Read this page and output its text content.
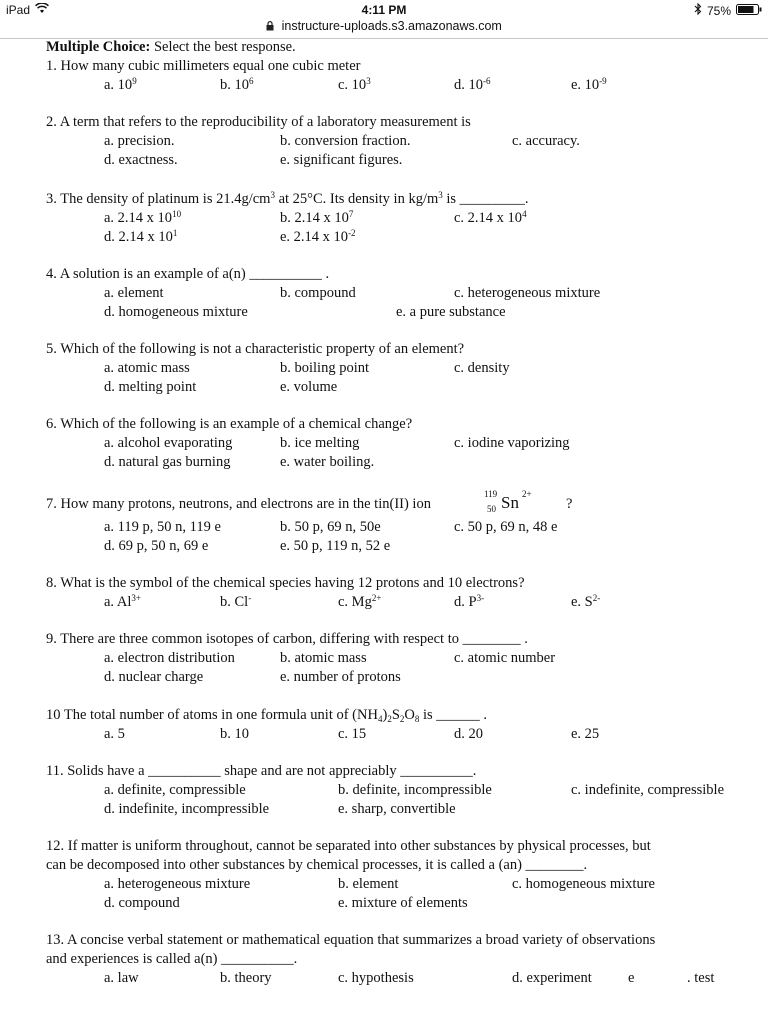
iPad	4:11 PM	75%
instructure-uploads.s3.amazonaws.com
Multiple Choice: Select the best response.
1. How many cubic millimeters equal one cubic meter
a. $10^9$	b. $10^6$	c. $10^3$	d. $10^{-6}$	e. $10^{-9}$
2. A term that refers to the reproducibility of a laboratory measurement is
a. precision.	b. conversion fraction.	c. accuracy.
d. exactness.	e. significant figures.
3. The density of platinum is $21.4g/cm^3$ at 25°C. Its density in $kg/m^3$ is _________.
a. 2.14 x $10^{10}$	b. 2.14 x $10^7$	c. 2.14 x $10^4$
d. 2.14 x $10^1$	e. 2.14 x $10^{-2}$
4. A solution is an example of a(n) __________ .
a. element	b. compound	c. heterogeneous mixture
d. homogeneous mixture	e. a pure substance
5. Which of the following is not a characteristic property of an element?
a. atomic mass	b. boiling point	c. density
d. melting point	e. volume
6. Which of the following is an example of a chemical change?
a. alcohol evaporating	b. ice melting	c. iodine vaporizing
d. natural gas burning	e. water boiling.
7. How many protons, neutrons, and electrons are in the tin(II) ion
119
50 Sn 2+
?
a. 119 p, 50 n, 119 e	b. 50 p, 69 n, 50e	c. 50 p, 69 n, 48 e
d. 69 p, 50 n, 69 e	e. 50 p, 119 n, 52 e
8. What is the symbol of the chemical species having 12 protons and 10 electrons?
a. $Al^{3+}$	b. Cl-	c. $Mg^{2+}$	d. $P^{3-}$	e. $S^{2-}$
9. There are three common isotopes of carbon, differing with respect to ________ .
a. electron distribution	b. atomic mass	c. atomic number
d. nuclear charge	e. number of protons
10 The total number of atoms in one formula unit of $(NH_4)_2S_2O_8$ is ______ .
a. 5	b. 10	c. 15	d. 20	e. 25
11. Solids have a __________ shape and are not appreciably __________.
a. definite, compressible	b. definite, incompressible	c. indefinite, compressible
d. indefinite, incompressible	e. sharp, convertible
12. If matter is uniform throughout, cannot be separated into other substances by physical processes, but
can be decomposed into other substances by chemical processes, it is called a (an) ________.
a. heterogeneous mixture	b. element	c. homogeneous mixture
d. compound	e. mixture of elements
13. A concise verbal statement or mathematical equation that summarizes a broad variety of observations
and experiences is called a(n) __________.
a. law	b. theory	c. hypothesis	d. experiment	e	. test
